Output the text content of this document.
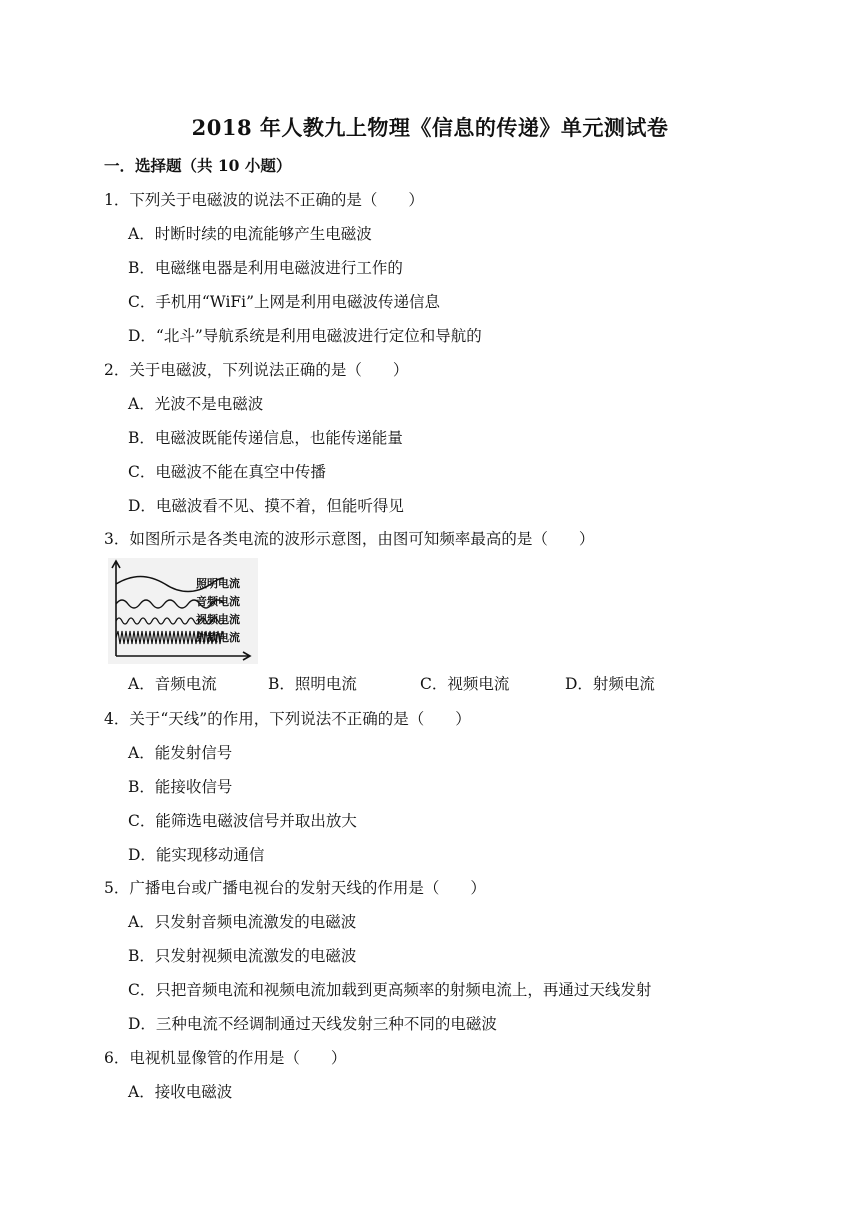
2018 年人教九上物理《信息的传递》单元测试卷
一．选择题（共 10 小题）
1．下列关于电磁波的说法不正确的是（　　）
A．时断时续的电流能够产生电磁波
B．电磁继电器是利用电磁波进行工作的
C．手机用“WiFi”上网是利用电磁波传递信息
D．“北斗”导航系统是利用电磁波进行定位和导航的
2．关于电磁波，下列说法正确的是（　　）
A．光波不是电磁波
B．电磁波既能传递信息，也能传递能量
C．电磁波不能在真空中传播
D．电磁波看不见、摸不着，但能听得见
3．如图所示是各类电流的波形示意图，由图可知频率最高的是（　　）
照明电流
音频电流
视频电流
射频电流
A．音频电流	B．照明电流	C．视频电流	D．射频电流
4．关于“天线”的作用，下列说法不正确的是（　　）
A．能发射信号
B．能接收信号
C．能筛选电磁波信号并取出放大
D．能实现移动通信
5．广播电台或广播电视台的发射天线的作用是（　　）
A．只发射音频电流激发的电磁波
B．只发射视频电流激发的电磁波
C．只把音频电流和视频电流加载到更高频率的射频电流上，再通过天线发射
D．三种电流不经调制通过天线发射三种不同的电磁波
6．电视机显像管的作用是（　　）
A．接收电磁波
